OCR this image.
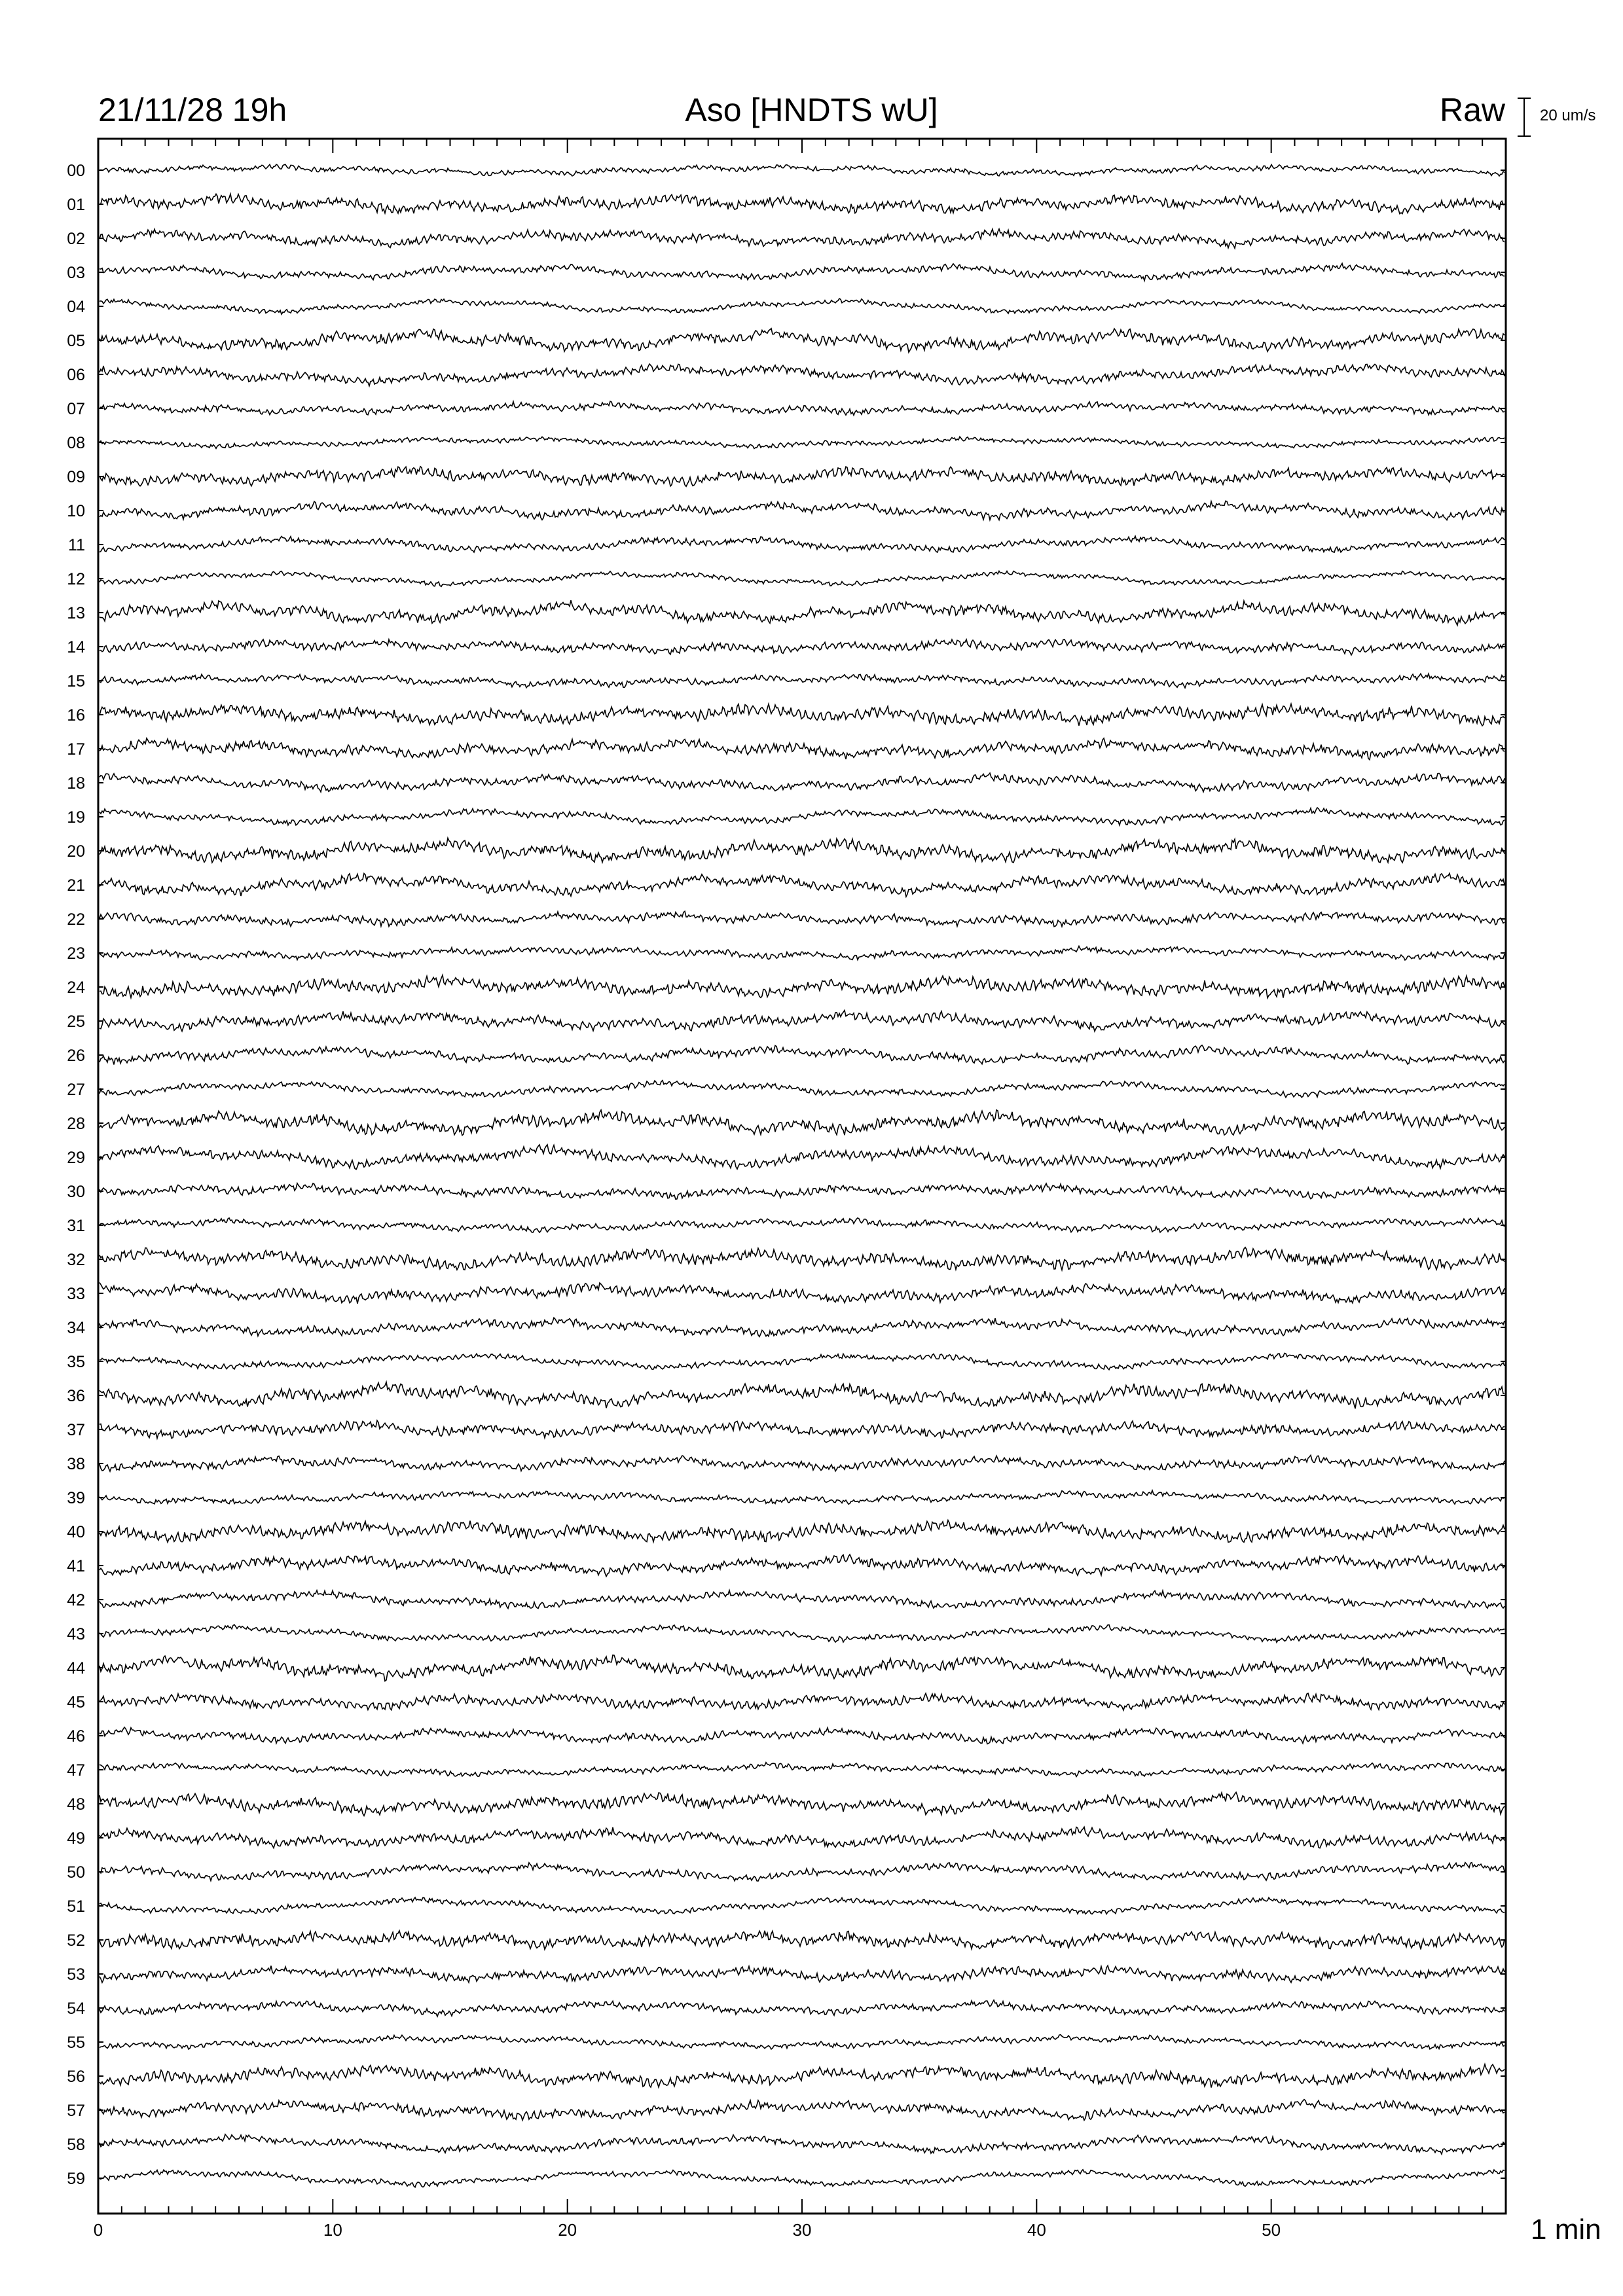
21/11/28 19h	Aso [HNDTS wU]	Raw 20 um/s
1 min
00
01
02
03
04
05
06
07
08
09
10
11
12
13
14
15
16
17
18
19
20
21
22
23
24
25
26
27
28
29
30
31
32
33
34
35
36
37
38
39
40
41
42
43
44
45
46
47
48
49
50
51
52
53
54
55
56
57
58
59
0	10	20	30	40	50
